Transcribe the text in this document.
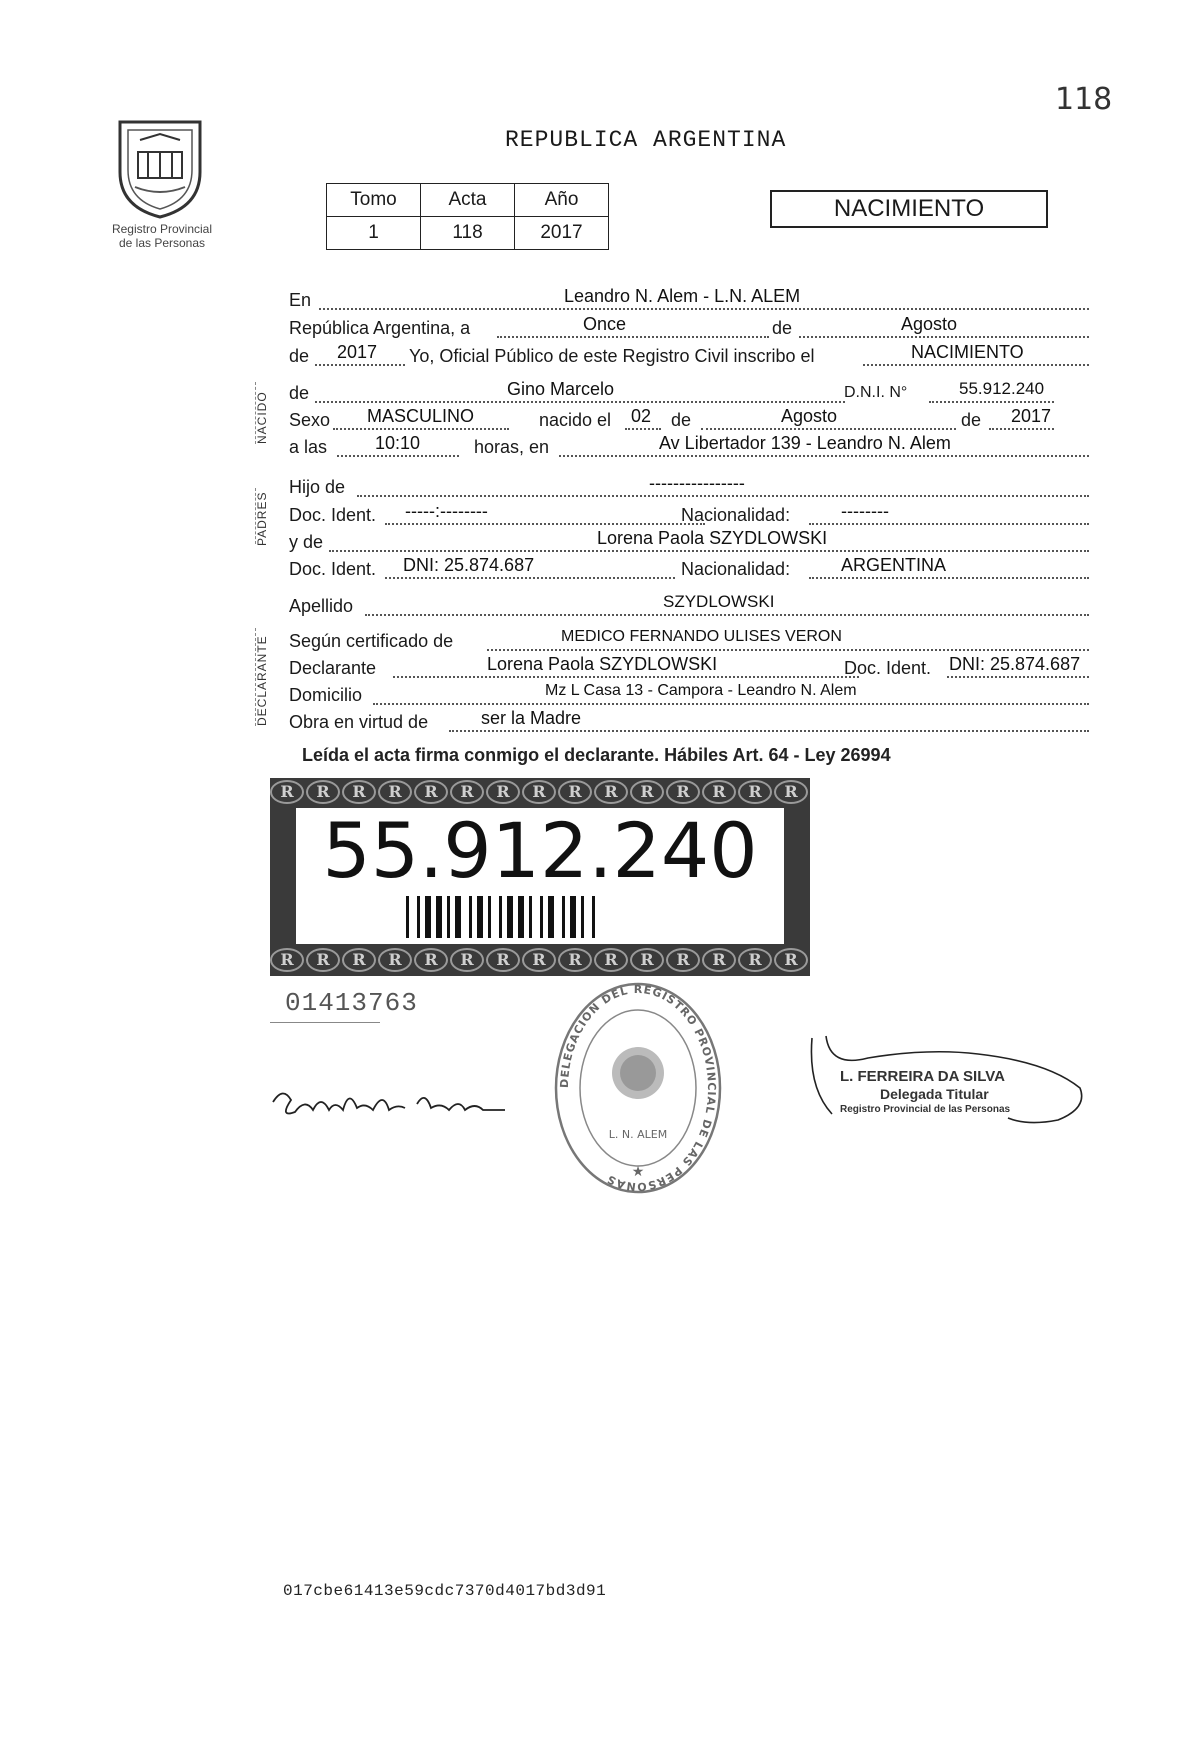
118
Registro Provincial
de las Personas
REPUBLICA ARGENTINA
Tomo	Acta	Año
1	118	2017
NACIMIENTO
NACIDO
PADRES
DECLARANTE
En	Leandro N. Alem - L.N. ALEM
República Argentina, a	Once	de	Agosto
de 2017 Yo, Oficial Público de este Registro Civil inscribo el	NACIMIENTO
de	Gino Marcelo	D.N.I. N°	55.912.240
Sexo MASCULINO	nacido el 02 de	Agosto	de 2017
a las	10:10	horas, en	Av Libertador 139 - Leandro N. Alem
Hijo de	----------------
Doc. Ident. -----:--------	Nacionalidad:	--------
y de	Lorena Paola SZYDLOWSKI
Doc. Ident. DNI: 25.874.687	Nacionalidad:	ARGENTINA
Apellido	SZYDLOWSKI
Según certificado de	MEDICO FERNANDO ULISES VERON
Declarante	Lorena Paola SZYDLOWSKI	Doc. Ident. DNI: 25.874.687
Domicilio	Mz L Casa 13 - Campora - Leandro N. Alem
Obra en virtud de	ser la Madre
Leída el acta firma conmigo el declarante. Hábiles Art. 64 - Ley 26994
R	R	R	R	R	R	R	R	R	R	R	R	R	R	R
R	R	R	R	R	R	R	R	R	R	R	R	R	R	R
55.912.240
01413763
DELEGACION DEL REGISTRO PROVINCIAL DE LAS PERSONAS
L. N. ALEM
★
L. FERREIRA DA SILVA
Delegada Titular
Registro Provincial de las Personas
017cbe61413e59cdc7370d4017bd3d91
